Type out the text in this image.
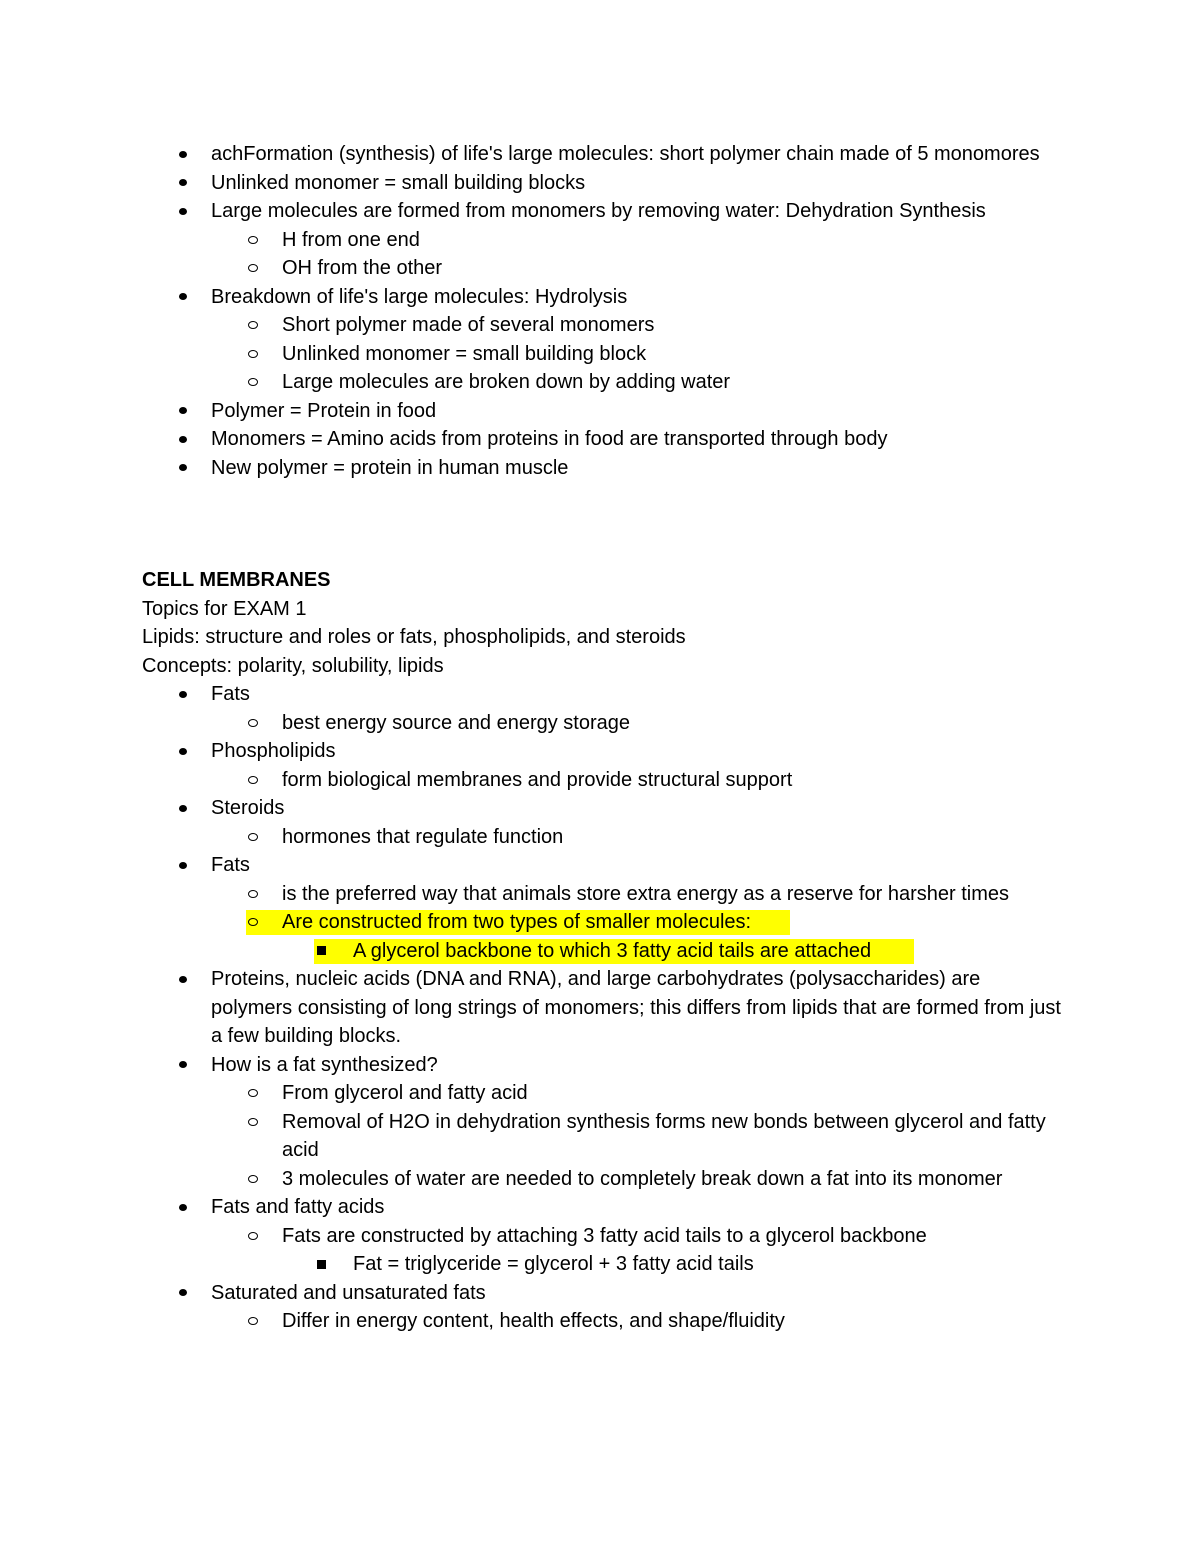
achFormation (synthesis) of life's large molecules: short polymer chain made of 5 monomores
Unlinked monomer = small building blocks
Large molecules are formed from monomers by removing water: Dehydration Synthesis
H from one end
OH from the other
Breakdown of life's large molecules: Hydrolysis
Short polymer made of several monomers
Unlinked monomer = small building block
Large molecules are broken down by adding water
Polymer = Protein in food
Monomers = Amino acids from proteins in food are transported through body
New polymer = protein in human muscle
CELL MEMBRANES
Topics for EXAM 1
Lipids: structure and roles or fats, phospholipids, and steroids
Concepts: polarity, solubility, lipids
Fats
best energy source and energy storage
Phospholipids
form biological membranes and provide structural support
Steroids
hormones that regulate function
Fats
is the preferred way that animals store extra energy as a reserve for harsher times
Are constructed from two types of smaller molecules:
A glycerol backbone to which 3 fatty acid tails are attached
Proteins, nucleic acids (DNA and RNA), and large carbohydrates (polysaccharides) are polymers consisting of long strings of monomers; this differs from lipids that are formed from just a few building blocks.
How is a fat synthesized?
From glycerol and fatty acid
Removal of H2O in dehydration synthesis forms new bonds between glycerol and fatty acid
3 molecules of water are needed to completely break down a fat into its monomer
Fats and fatty acids
Fats are constructed by attaching 3 fatty acid tails to a glycerol backbone
Fat = triglyceride = glycerol + 3 fatty acid tails
Saturated and unsaturated fats
Differ in energy content, health effects, and shape/fluidity
